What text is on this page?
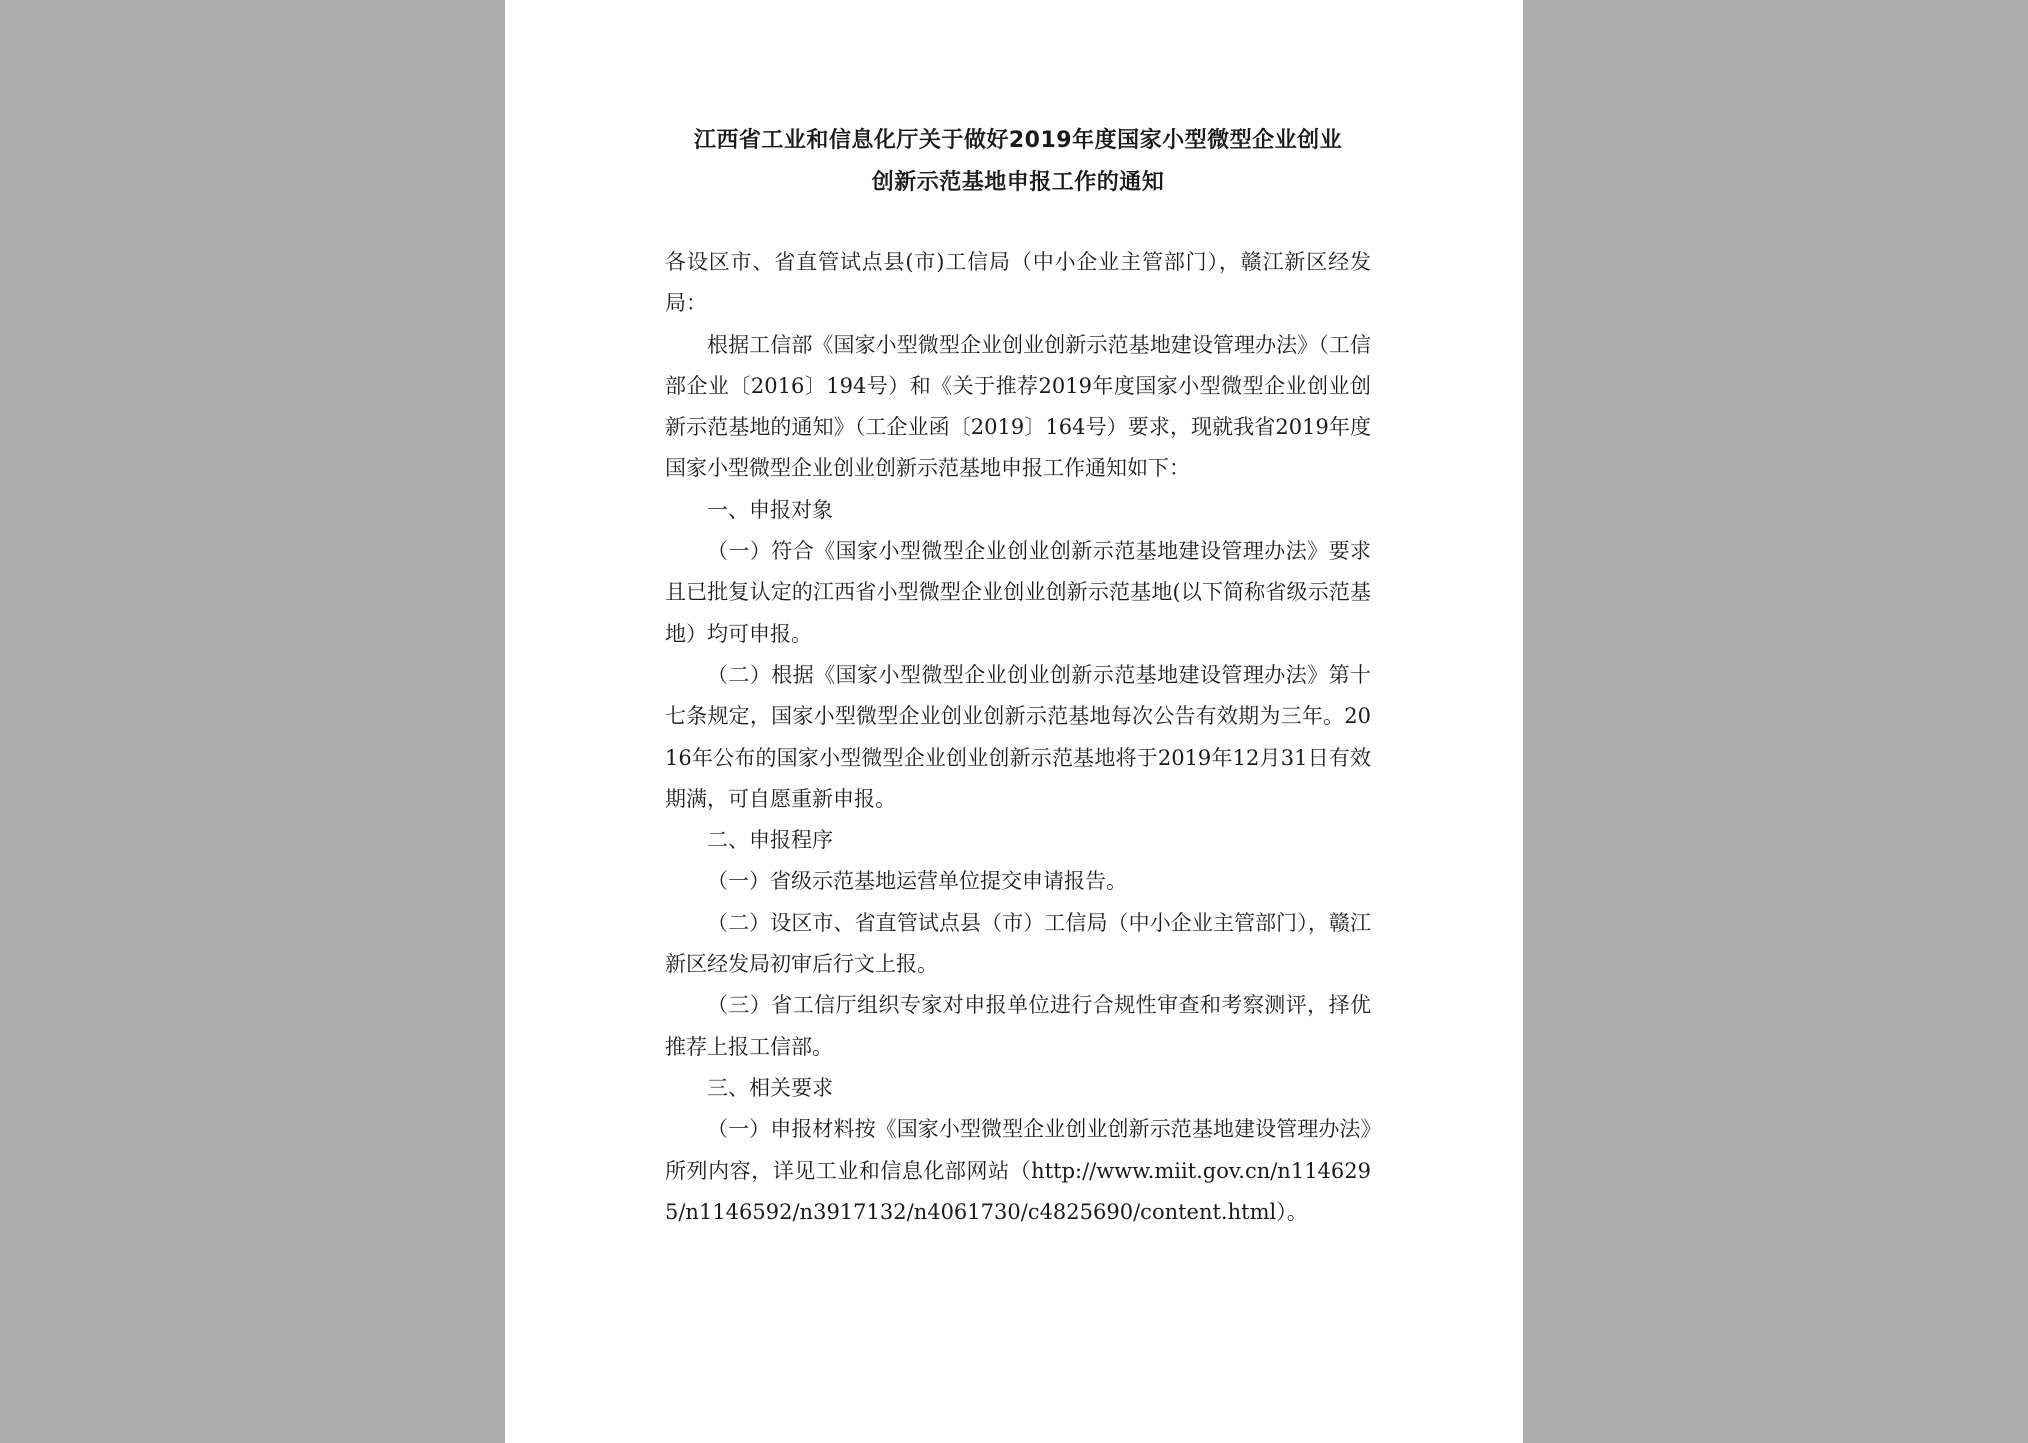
江西省工业和信息化厅关于做好2019年度国家小型微型企业创业
创新示范基地申报工作的通知

各设区市、省直管试点县(市)工信局（中小企业主管部门），赣江新区经发局：

根据工信部《国家小型微型企业创业创新示范基地建设管理办法》（工信部企业〔2016〕194号）和《关于推荐2019年度国家小型微型企业创业创新示范基地的通知》（工企业函〔2019〕164号）要求，现就我省2019年度国家小型微型企业创业创新示范基地申报工作通知如下：

一、申报对象

（一）符合《国家小型微型企业创业创新示范基地建设管理办法》要求且已批复认定的江西省小型微型企业创业创新示范基地(以下简称省级示范基地）均可申报。

（二）根据《国家小型微型企业创业创新示范基地建设管理办法》第十七条规定，国家小型微型企业创业创新示范基地每次公告有效期为三年。2016年公布的国家小型微型企业创业创新示范基地将于2019年12月31日有效期满，可自愿重新申报。

二、申报程序

（一）省级示范基地运营单位提交申请报告。

（二）设区市、省直管试点县（市）工信局（中小企业主管部门），赣江新区经发局初审后行文上报。

（三）省工信厅组织专家对申报单位进行合规性审查和考察测评，择优推荐上报工信部。

三、相关要求

（一）申报材料按《国家小型微型企业创业创新示范基地建设管理办法》所列内容，详见工业和信息化部网站（http://www.miit.gov.cn/n1146295/n1146592/n3917132/n4061730/c4825690/content.html）。
